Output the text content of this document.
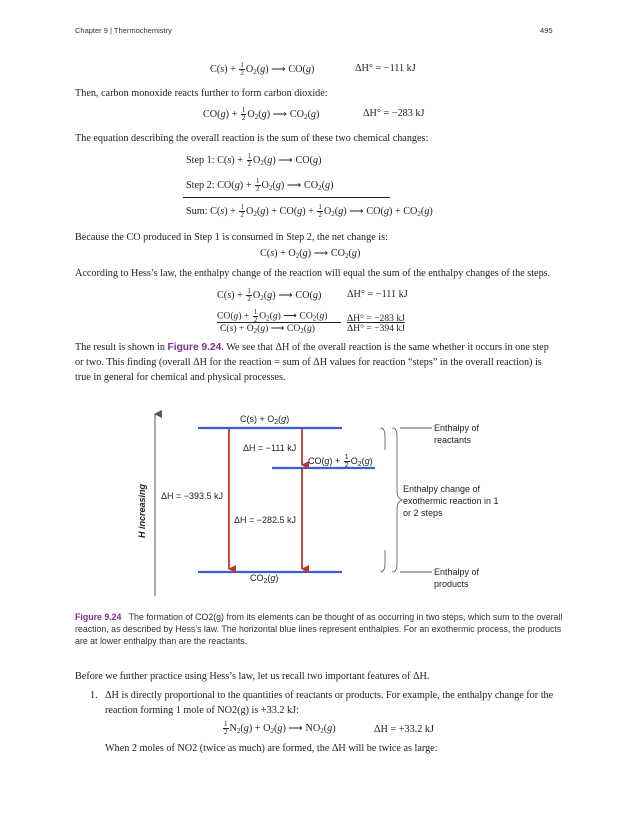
Chapter 9 | Thermochemistry	495
$C(s) + \frac{1}{2} O_2(g)$ ⟶ CO(g)	ΔH° = −111 kJ
Then, carbon monoxide reacts further to form carbon dioxide:
$CO(g) + \frac{1}{2} O_2(g)$ ⟶ $CO_2(g)$	ΔH° = −283 kJ
The equation describing the overall reaction is the sum of these two chemical changes:
Step 1: $C(s) + \frac{1}{2} O_2(g)$ ⟶ CO(g)
Step 2: $CO(g) + \frac{1}{2} O_2(g)$ ⟶ $CO_2(g)$
Sum: $C(s) + \frac{1}{2} O_2(g) + CO(g) + \frac{1}{2} O_2(g)$ ⟶ $CO(g) + CO_2(g)$
Because the CO produced in Step 1 is consumed in Step 2, the net change is:
$C(s) + O_2(g)$ ⟶ $CO_2(g)$
According to Hess’s law, the enthalpy change of the reaction will equal the sum of the enthalpy changes of the steps.
$C(s) + \frac{1}{2} O_2(g)$ ⟶ CO(g)	ΔH° = −111 kJ
$CO(g) + \frac{1}{2} O_2(g)$ ⟶ $CO_2(g) \Delta H^\circ = -283$ kJ
$C(s) + O_2(g)$ ⟶ $CO_2(g)$	ΔH° = −394 kJ
The result is shown in Figure 9.24. We see that ΔH of the overall reaction is the same whether it occurs in one step or two. This finding (overall ΔH for the reaction = sum of ΔH values for reaction “steps” in the overall reaction) is true in general for chemical and physical processes.
H increasing
$C(s) + O_2(g)$
$CO(g) + \frac{1}{2} O_2(g)$
$CO_2(g)$
ΔH = −393.5 kJ
ΔH = −111 kJ
ΔH = −282.5 kJ
Enthalpy of reactants
Enthalpy change of exothermic reaction in 1 or 2 steps
Enthalpy of products
Figure 9.24 The formation of CO2(g) from its elements can be thought of as occurring in two steps, which sum to the overall reaction, as described by Hess’s law. The horizontal blue lines represent enthalpies. For an exothermic process, the products are at lower enthalpy than are the reactants.
Before we further practice using Hess’s law, let us recall two important features of ΔH.
1. ΔH is directly proportional to the quantities of reactants or products. For example, the enthalpy change for the reaction forming 1 mole of NO2(g) is +33.2 kJ:
$\frac{1}{2} N_2(g) + O_2(g)$ ⟶ $NO_2(g)$	ΔH = +33.2 kJ
When 2 moles of NO2 (twice as much) are formed, the ΔH will be twice as large:
